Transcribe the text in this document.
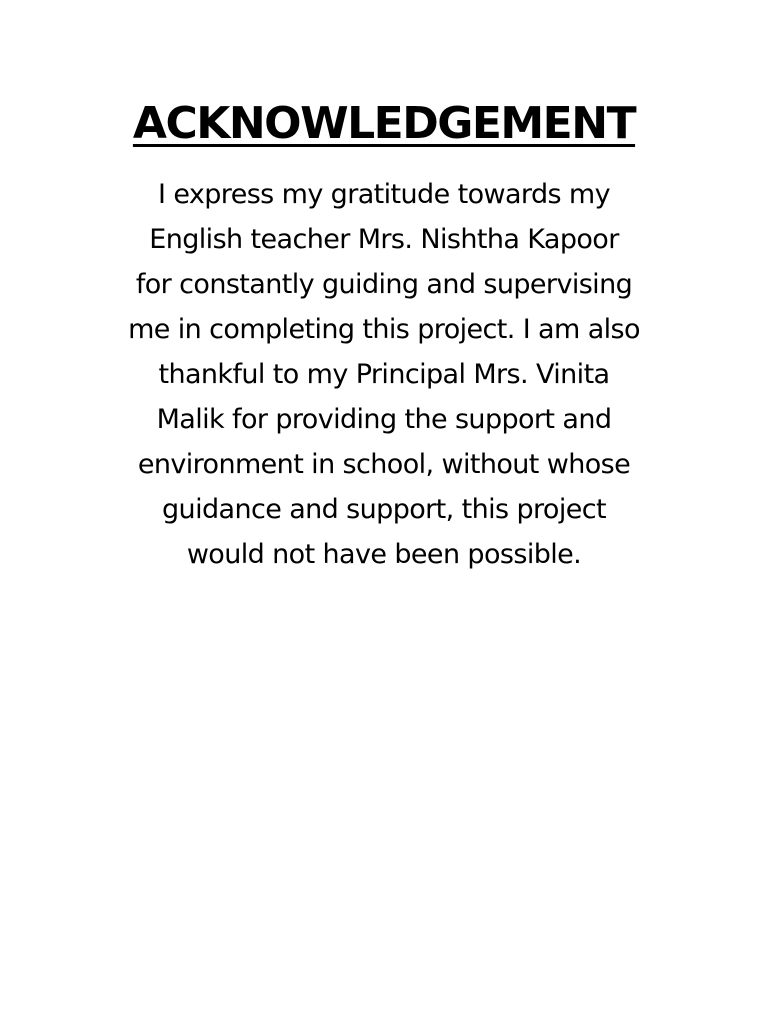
ACKNOWLEDGEMENT

I express my gratitude towards my
English teacher Mrs. Nishtha Kapoor
for constantly guiding and supervising
me in completing this project. I am also
thankful to my Principal Mrs. Vinita
Malik for providing the support and
environment in school, without whose
guidance and support, this project
would not have been possible.
